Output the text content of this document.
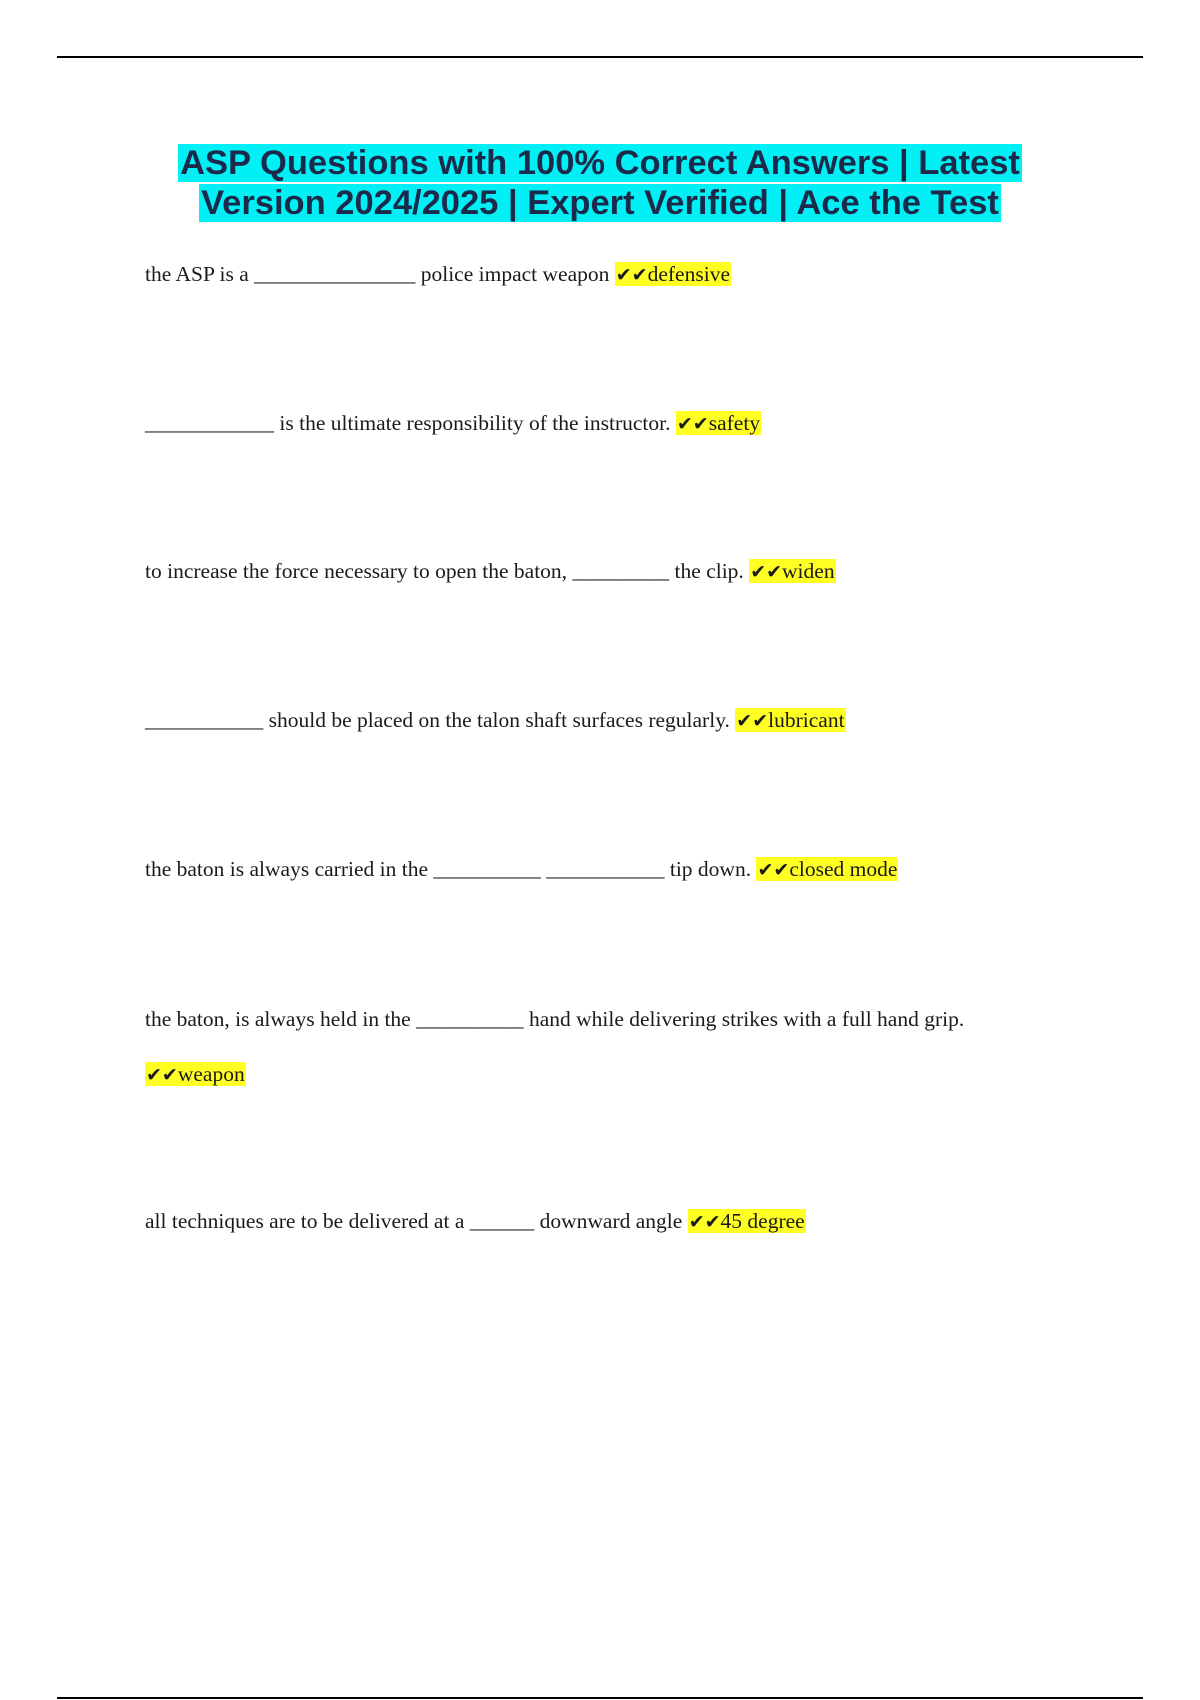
ASP Questions with 100% Correct Answers | Latest
Version 2024/2025 | Expert Verified | Ace the Test

the ASP is a _______________ police impact weapon ✔✔defensive

____________ is the ultimate responsibility of the instructor. ✔✔safety

to increase the force necessary to open the baton, _________ the clip. ✔✔widen

___________ should be placed on the talon shaft surfaces regularly. ✔✔lubricant

the baton is always carried in the __________ ___________ tip down. ✔✔closed mode

the baton, is always held in the __________ hand while delivering strikes with a full hand grip.
✔✔weapon

all techniques are to be delivered at a ______ downward angle ✔✔45 degree
